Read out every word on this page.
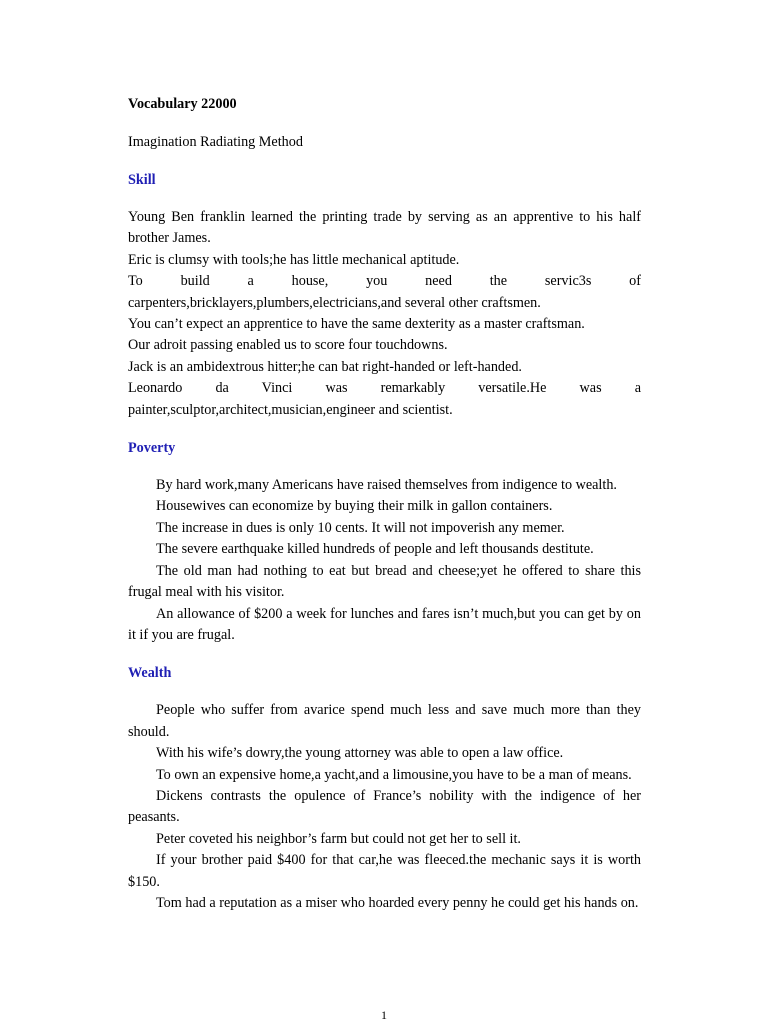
Vocabulary 22000

Imagination Radiating Method

Skill

Young Ben franklin learned the printing trade by serving as an apprentive to his half brother James.

Eric is clumsy with tools;he has little mechanical aptitude.

To build a house, you need the servic3s of carpenters,bricklayers,plumbers,electricians,and several other craftsmen.

You can’t expect an apprentice to have the same dexterity as a master craftsman.

Our adroit passing enabled us to score four touchdowns.

Jack is an ambidextrous hitter;he can bat right-handed or left-handed.

Leonardo da Vinci was remarkably versatile.He was a painter,sculptor,architect,musician,engineer and scientist.

Poverty

By hard work,many Americans have raised themselves from indigence to wealth.

Housewives can economize by buying their milk in gallon containers.

The increase in dues is only 10 cents. It will not impoverish any memer.

The severe earthquake killed hundreds of people and left thousands destitute.

The old man had nothing to eat but bread and cheese;yet he offered to share this frugal meal with his visitor.

An allowance of $200 a week for lunches and fares isn’t much,but you can get by on it if you are frugal.

Wealth

People who suffer from avarice spend much less and save much more than they should.

With his wife’s dowry,the young attorney was able to open a law office.

To own an expensive home,a yacht,and a limousine,you have to be a man of means.

Dickens contrasts the opulence of France’s nobility with the indigence of her peasants.

Peter coveted his neighbor’s farm but could not get her to sell it.

If your brother paid $400 for that car,he was fleeced.the mechanic says it is worth $150.

Tom had a reputation as a miser who hoarded every penny he could get his hands on.

1
